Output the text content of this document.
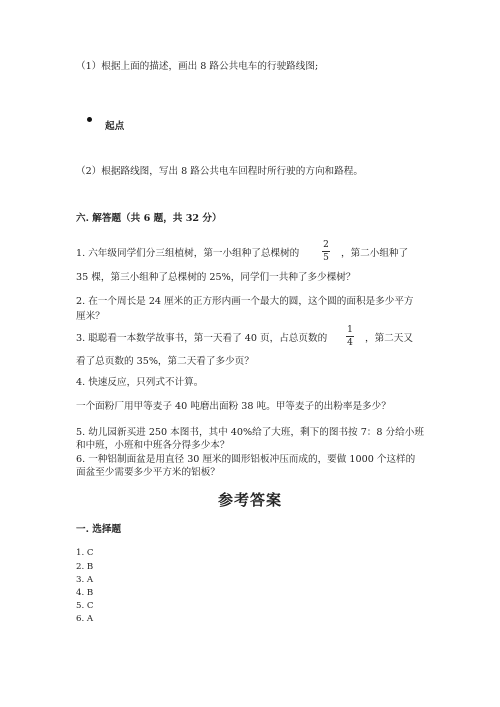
（1）根据上面的描述，画出 8 路公共电车的行驶路线图;
起点
（2）根据路线图，写出 8 路公共电车回程时所行驶的方向和路程。
六. 解答题（共 6 题，共 32 分）
1. 六年级同学们分三组植树，第一小组种了总棵树的
2
5	，第二小组种了
35 棵，第三小组种了总棵树的 25%，同学们一共种了多少棵树？
2. 在一个周长是 24 厘米的正方形内画一个最大的圆，这个圆的面积是多少平方
厘米？
3. 聪聪看一本数学故事书，第一天看了 40 页，占总页数的
1
4	，第二天又
看了总页数的 35%，第二天看了多少页？
4. 快速反应，只列式不计算。
一个面粉厂用甲等麦子 40 吨磨出面粉 38 吨。甲等麦子的出粉率是多少？
5. 幼儿园新买进 250 本图书，其中 40%给了大班，剩下的图书按 7：8 分给小班
和中班，小班和中班各分得多少本？
6. 一种铝制面盆是用直径 30 厘米的圆形铝板冲压而成的，要做 1000 个这样的
面盆至少需要多少平方米的铝板？
参考答案
一. 选择题
1. C
2. B
3. A
4. B
5. C
6. A
